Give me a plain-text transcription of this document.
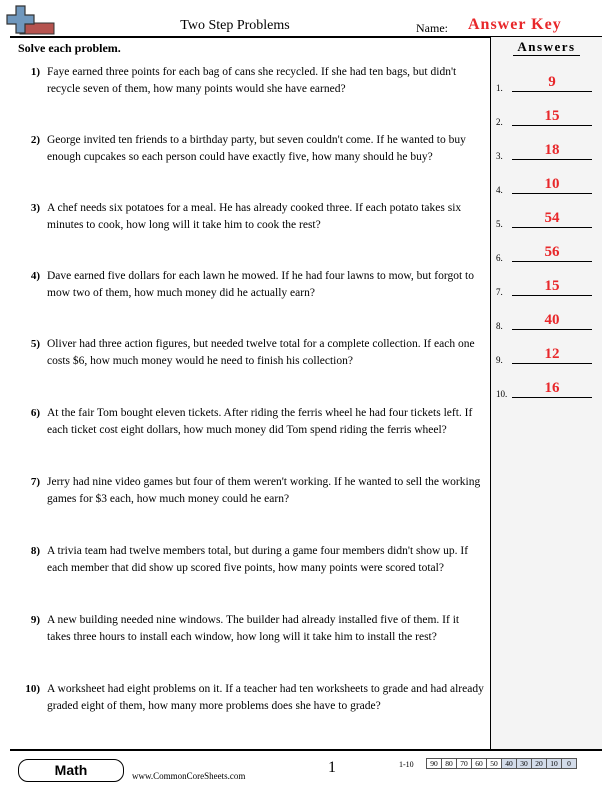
Two Step Problems	Name: Answer Key
Solve each problem.	Answers
1.	9
2.	15
3.	18
4.	10
5.	54
6.	56
7.	15
8.	40
9.	12
10.	16
1) Faye earned three points for each bag of cans she recycled. If she had ten bags, but didn't recycle seven of them, how many points would she have earned?
2) George invited ten friends to a birthday party, but seven couldn't come. If he wanted to buy enough cupcakes so each person could have exactly five, how many should he buy?
3) A chef needs six potatoes for a meal. He has already cooked three. If each potato takes six minutes to cook, how long will it take him to cook the rest?
4) Dave earned five dollars for each lawn he mowed. If he had four lawns to mow, but forgot to mow two of them, how much money did he actually earn?
5) Oliver had three action figures, but needed twelve total for a complete collection. If each one costs $6, how much money would he need to finish his collection?
6) At the fair Tom bought eleven tickets. After riding the ferris wheel he had four tickets left. If each ticket cost eight dollars, how much money did Tom spend riding the ferris wheel?
7) Jerry had nine video games but four of them weren't working. If he wanted to sell the working games for $3 each, how much money could he earn?
8) A trivia team had twelve members total, but during a game four members didn't show up. If each member that did show up scored five points, how many points were scored total?
9) A new building needed nine windows. The builder had already installed five of them. If it takes three hours to install each window, how long will it take him to install the rest?
10) A worksheet had eight problems on it. If a teacher had ten worksheets to grade and had already graded eight of them, how many more problems does she have to grade?
Math	www.CommonCoreSheets.com	1	1-10 90	80	70	60	50	40	30	20	10	0
